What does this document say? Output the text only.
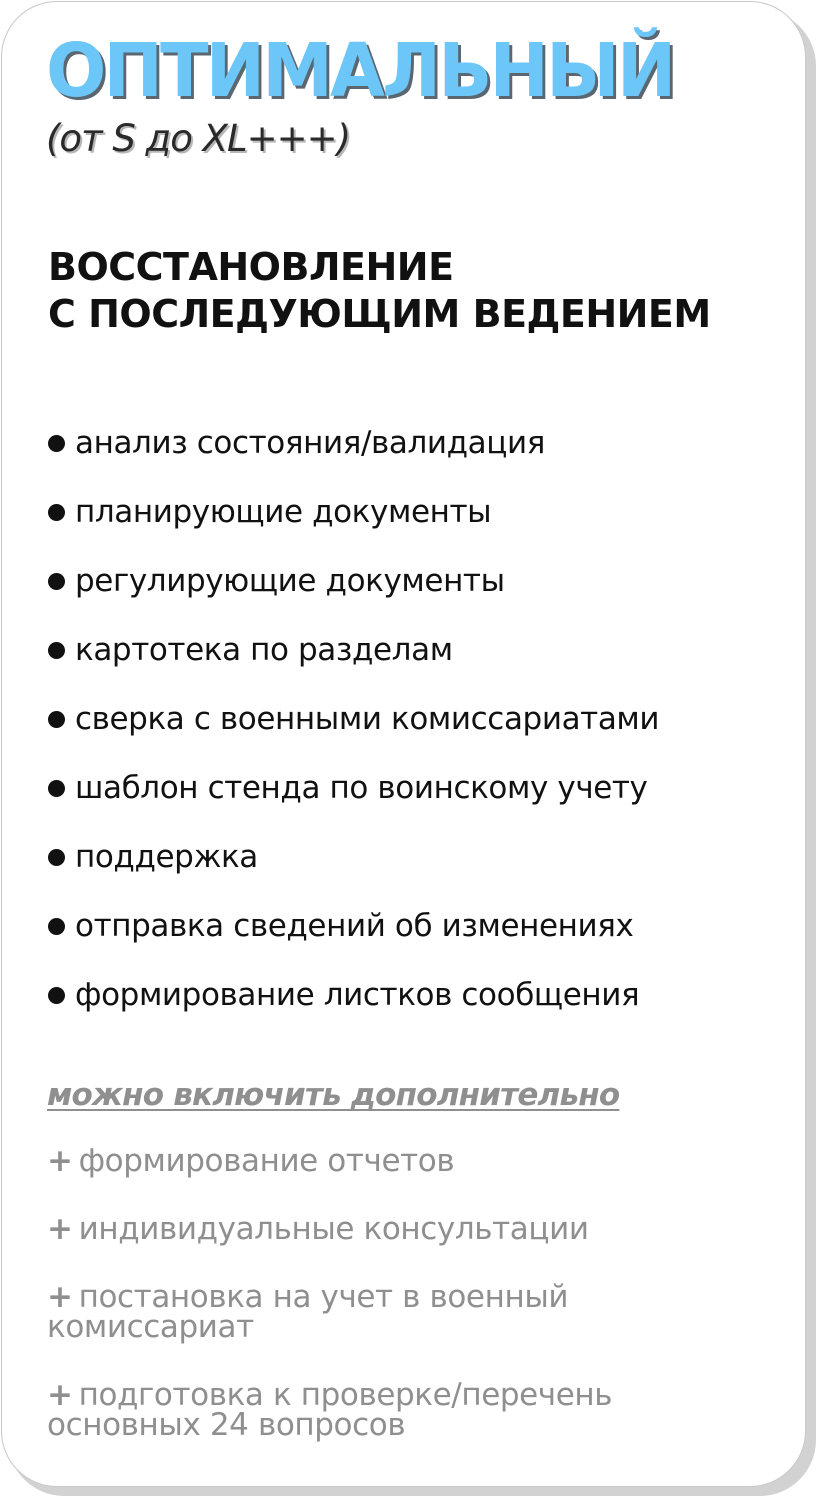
ОПТИМАЛЬНЫЙ
(от S до XL+++)
ВОССТАНОВЛЕНИЕ
С ПОСЛЕДУЮЩИМ ВЕДЕНИЕМ
анализ состояния/валидация
планирующие документы
регулирующие документы
картотека по разделам
сверка с военными комиссариатами
шаблон стенда по воинскому учету
поддержка
отправка сведений об изменениях
формирование листков сообщения
можно включить дополнительно
+ формирование отчетов
+ индивидуальные консультации
+ постановка на учет в военный комиссариат
+ подготовка к проверке/перечень основных 24 вопросов
